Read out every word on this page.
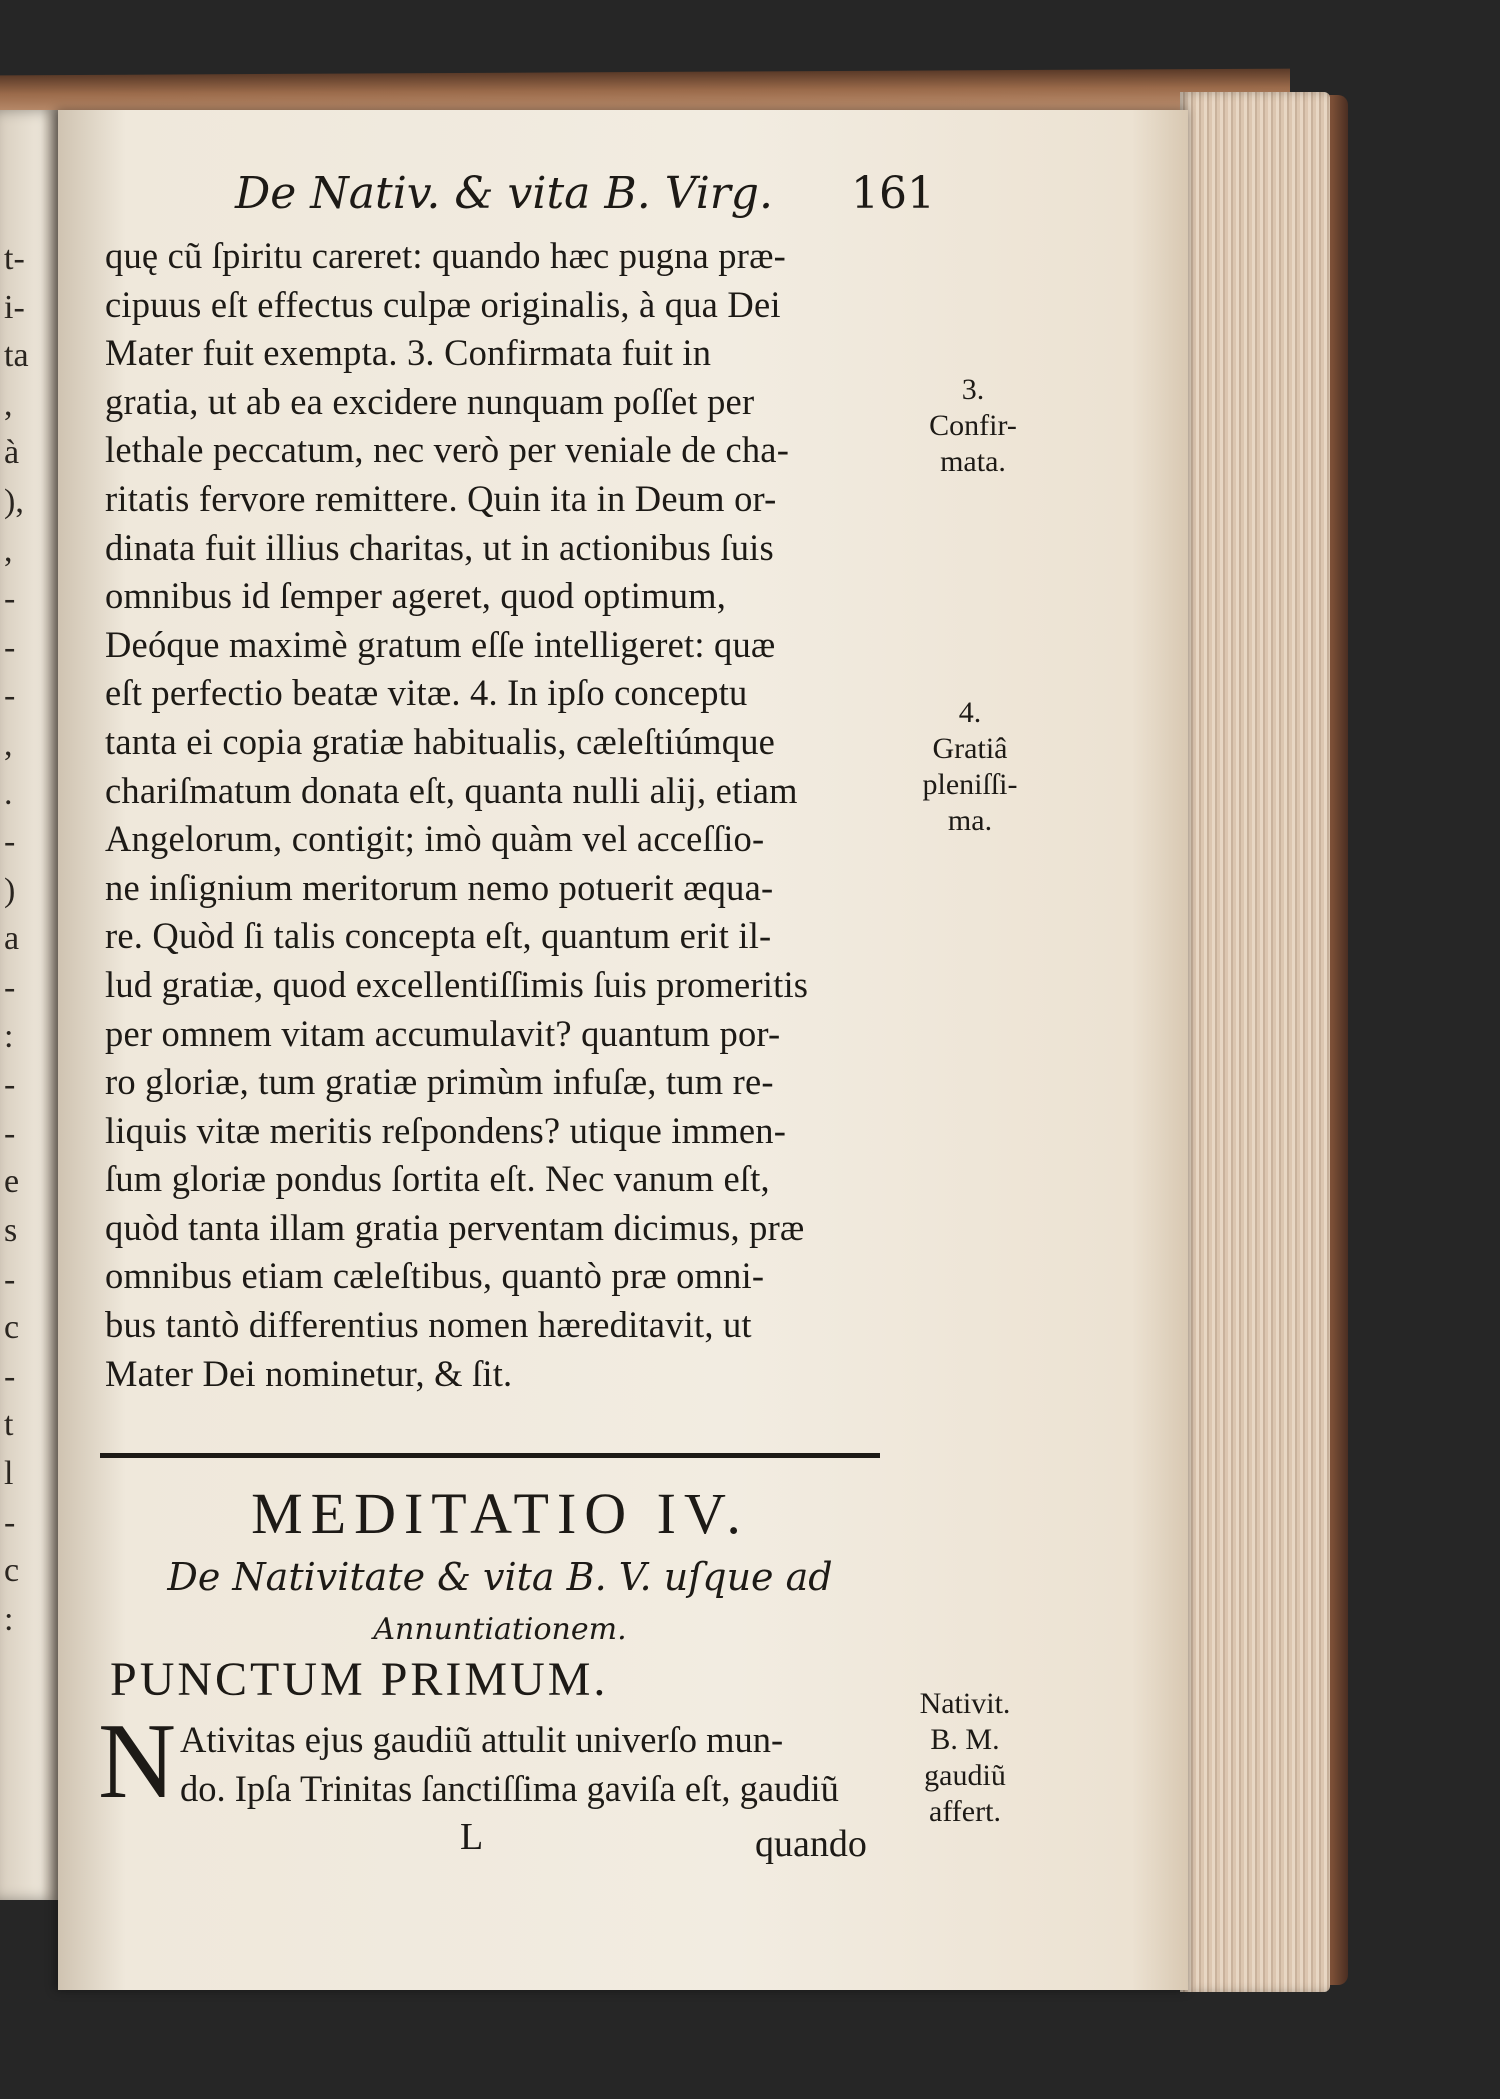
t-
i-
ta
,
à
),
,
-
-
-
,
.
-
)
a
-
:
-
-
e
s
-
c
-
t
l
-
c
:
De Nativ. & vita B. Virg. 161
quę cũ ſpiritu careret: quando hæc pugna præ-
cipuus eſt effectus culpæ originalis, à qua Dei
Mater fuit exempta. 3. Confirmata fuit in
gratia, ut ab ea excidere nunquam poſſet per
lethale peccatum, nec verò per veniale de cha-
ritatis fervore remittere. Quin ita in Deum or-
dinata fuit illius charitas, ut in actionibus ſuis
omnibus id ſemper ageret, quod optimum,
Deóque maximè gratum eſſe intelligeret: quæ
eſt perfectio beatæ vitæ. 4. In ipſo conceptu
tanta ei copia gratiæ habitualis, cæleſtiúmque
chariſmatum donata eſt, quanta nulli alij, etiam
Angelorum, contigit; imò quàm vel acceſſio-
ne inſignium meritorum nemo potuerit æqua-
re. Quòd ſi talis concepta eſt, quantum erit il-
lud gratiæ, quod excellentiſſimis ſuis promeritis
per omnem vitam accumulavit? quantum por-
ro gloriæ, tum gratiæ primùm infuſæ, tum re-
liquis vitæ meritis reſpondens? utique immen-
ſum gloriæ pondus ſortita eſt. Nec vanum eſt,
quòd tanta illam gratia perventam dicimus, præ
omnibus etiam cæleſtibus, quantò præ omni-
bus tantò differentius nomen hæreditavit, ut
Mater Dei nominetur, & ſit.
3.
Confir-
mata.
4.
Gratiâ
pleniſſi-
ma.
MEDITATIO IV.
De Nativitate & vita B. V. uſque ad
Annuntiationem.
PUNCTUM PRIMUM.
N Ativitas ejus gaudiũ attulit univerſo mun-
do. Ipſa Trinitas ſanctiſſima gaviſa eſt, gaudiũ
Nativit.
B. M.
gaudiũ
affert.
L	quando
